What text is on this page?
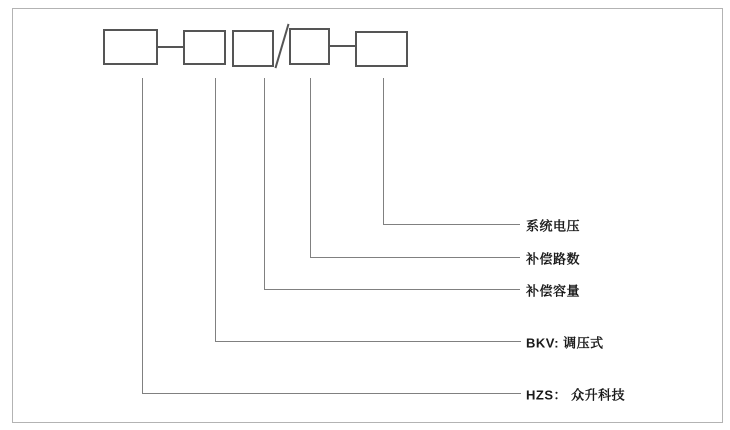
系统电压
补偿路数
补偿容量
BKV: 调压式
HZS： 众升科技
